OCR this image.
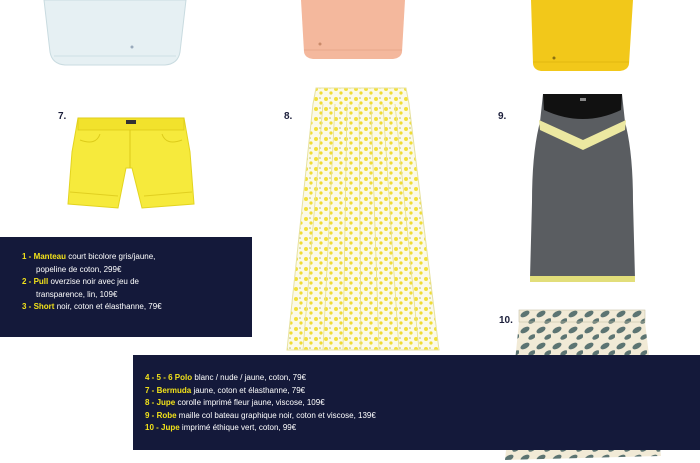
7.	8.	9.
10.
1 - Manteau court bicolore gris/jaune,
popeline de coton, 299€
2 - Pull overzise noir avec jeu de
transparence, lin, 109€
3 - Short noir, coton et élasthanne, 79€
4 - 5 - 6 Polo blanc / nude / jaune, coton, 79€
7 - Bermuda jaune, coton et élasthanne, 79€
8 - Jupe corolle imprimé fleur jaune, viscose, 109€
9 - Robe maille col bateau graphique noir, coton et viscose, 139€
10 - Jupe imprimé éthique vert, coton, 99€
